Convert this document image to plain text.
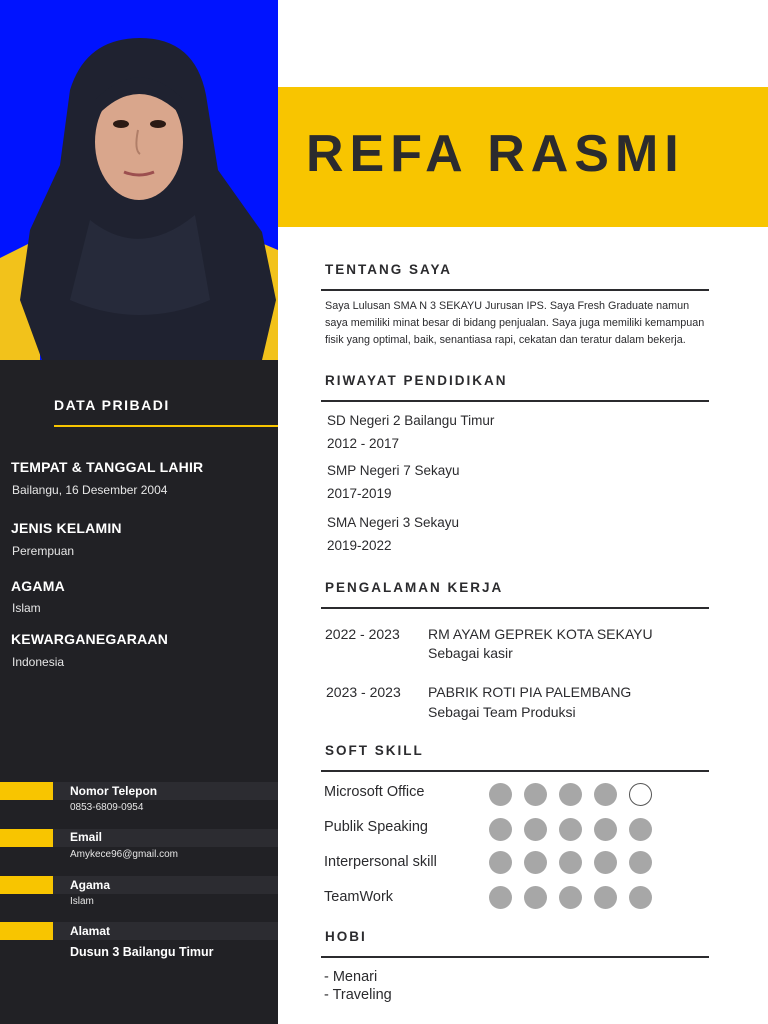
DATA PRIBADI
TEMPAT & TANGGAL LAHIR
Bailangu, 16 Desember 2004
JENIS KELAMIN
Perempuan
AGAMA
Islam
KEWARGANEGARAAN
Indonesia
Nomor Telepon
0853-6809-0954
Email
Amykece96@gmail.com
Agama
Islam
Alamat
Dusun 3 Bailangu Timur
REFA RASMI
TENTANG SAYA
Saya Lulusan SMA N 3 SEKAYU Jurusan IPS. Saya Fresh Graduate namun saya memiliki minat besar di bidang penjualan. Saya juga memiliki kemampuan fisik yang optimal, baik, senantiasa rapi, cekatan dan teratur dalam bekerja.
RIWAYAT PENDIDIKAN
SD Negeri 2 Bailangu Timur
2012 - 2017
SMP Negeri 7 Sekayu
2017-2019
SMA Negeri 3 Sekayu
2019-2022
PENGALAMAN KERJA
2022 - 2023 RM AYAM GEPREK KOTA SEKAYU
Sebagai kasir
2023 - 2023 PABRIK ROTI PIA PALEMBANG
Sebagai Team Produksi
SOFT SKILL
Microsoft Office
Publik Speaking
Interpersonal skill
TeamWork
HOBI
- Menari
- Traveling
